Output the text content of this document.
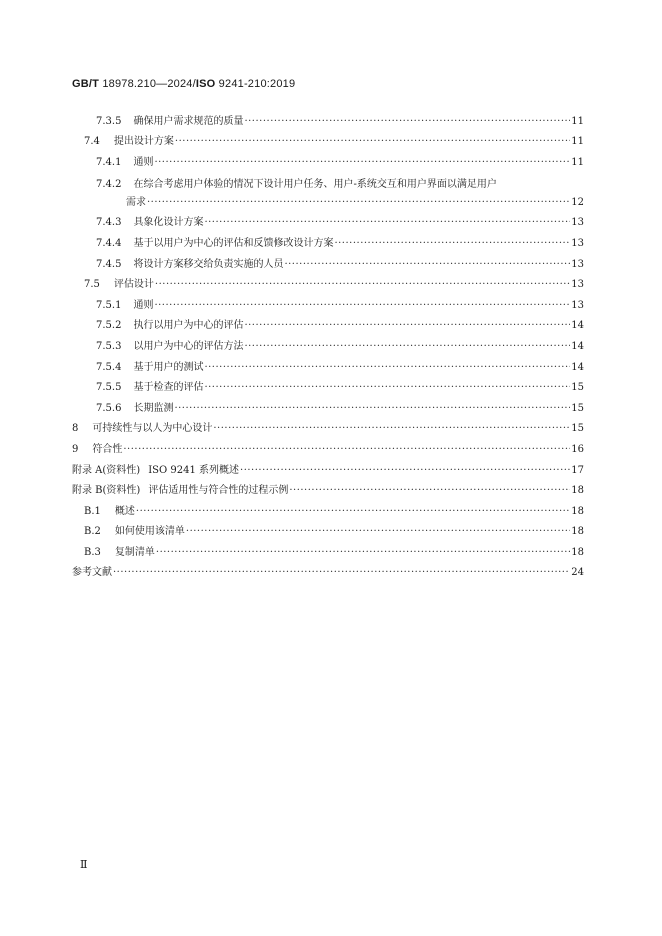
GB/T 18978.210—2024/ISO 9241-210:2019
7.3.5 确保用户需求规范的质量 ·····	11
7.4 提出设计方案 ·····	11
7.4.1 通则 ·····	11
7.4.2 在综合考虑用户体验的情况下设计用户任务、用户-系统交互和用户界面以满足用户
需求 ·····	12
7.4.3 具象化设计方案 ·····	13
7.4.4 基于以用户为中心的评估和反馈修改设计方案 ·····	13
7.4.5 将设计方案移交给负责实施的人员 ·····	13
7.5 评估设计 ·····	13
7.5.1 通则 ·····	13
7.5.2 执行以用户为中心的评估 ·····	14
7.5.3 以用户为中心的评估方法 ·····	14
7.5.4 基于用户的测试 ·····	14
7.5.5 基于检查的评估 ·····	15
7.5.6 长期监测 ·····	15
8 可持续性与以人为中心设计 ·····	15
9 符合性 ·····	16
附录 A(资料性) ISO 9241 系列概述 ·····	17
附录 B(资料性) 评估适用性与符合性的过程示例 ·····	18
B.1 概述 ·····	18
B.2 如何使用该清单 ·····	18
B.3 复制清单 ·····	18
参考文献 ·····	24
Ⅱ
